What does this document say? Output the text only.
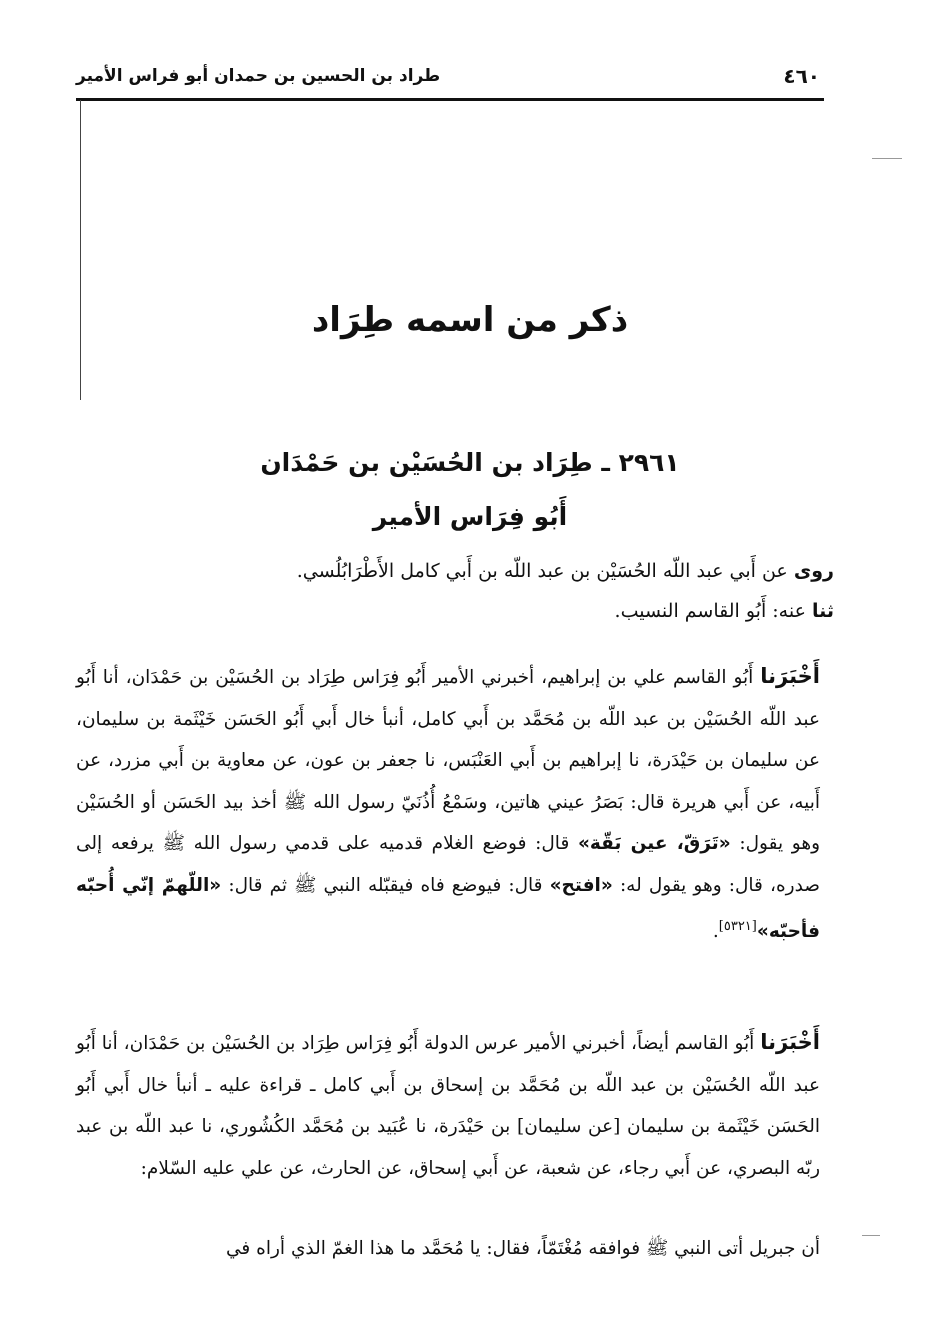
طراد بن الحسين بن حمدان أبو فراس الأمير	٤٦٠
ذكر من اسمه طِرَاد
٢٩٦١ ـ طِرَاد بن الحُسَيْن بن حَمْدَان
أَبُو فِرَاس الأمير
روى عن أَبي عبد اللّه الحُسَيْن بن عبد اللّه بن أَبي كامل الأَطْرَابُلُسي.
ثنا عنه: أَبُو القاسم النسيب.
أَخْبَرَنا أَبُو القاسم علي بن إبراهيم، أخبرني الأمير أَبُو فِرَاس طِرَاد بن الحُسَيْن بن حَمْدَان، أنا أَبُو عبد اللّه الحُسَيْن بن عبد اللّه بن مُحَمَّد بن أَبي كامل، أنبأ خال أَبي أَبُو الحَسَن خَيْثَمة بن سليمان، عن سليمان بن حَيْدَرة، نا إبراهيم بن أَبي العَنْبَس، نا جعفر بن عون، عن معاوية بن أَبي مزرد، عن أَبيه، عن أَبي هريرة قال: بَصَرُ عيني هاتين، وسَمْعُ أُذُنَيّ رسول الله ﷺ أخذ بيد الحَسَن أو الحُسَيْن وهو يقول: «تَرَقّ، عين بَقّة» قال: فوضع الغلام قدميه على قدمي رسول الله ﷺ يرفعه إلى صدره، قال: وهو يقول له: «افتح» قال: فيوضع فاه فيقبّله النبي ﷺ ثم قال: «اللّهمّ إنّي أُحبّه فأحبّه»[٥٣٢١].
أَخْبَرَنا أَبُو القاسم أيضاً، أخبرني الأمير عرس الدولة أَبُو فِرَاس طِرَاد بن الحُسَيْن بن حَمْدَان، أنا أَبُو عبد اللّه الحُسَيْن بن عبد اللّه بن مُحَمَّد بن إسحاق بن أَبي كامل ـ قراءة عليه ـ أنبأ خال أَبي أَبُو الحَسَن خَيْثَمة بن سليمان [عن سليمان] بن حَيْدَرة، نا عُبَيد بن مُحَمَّد الكُشُوري، نا عبد اللّه بن عبد ربّه البصري، عن أَبي رجاء، عن شعبة، عن أَبي إسحاق، عن الحارث، عن علي عليه السّلام:
أن جبريل أتى النبي ﷺ فوافقه مُغْتَمّاً، فقال: يا مُحَمَّد ما هذا الغمّ الذي أراه في
